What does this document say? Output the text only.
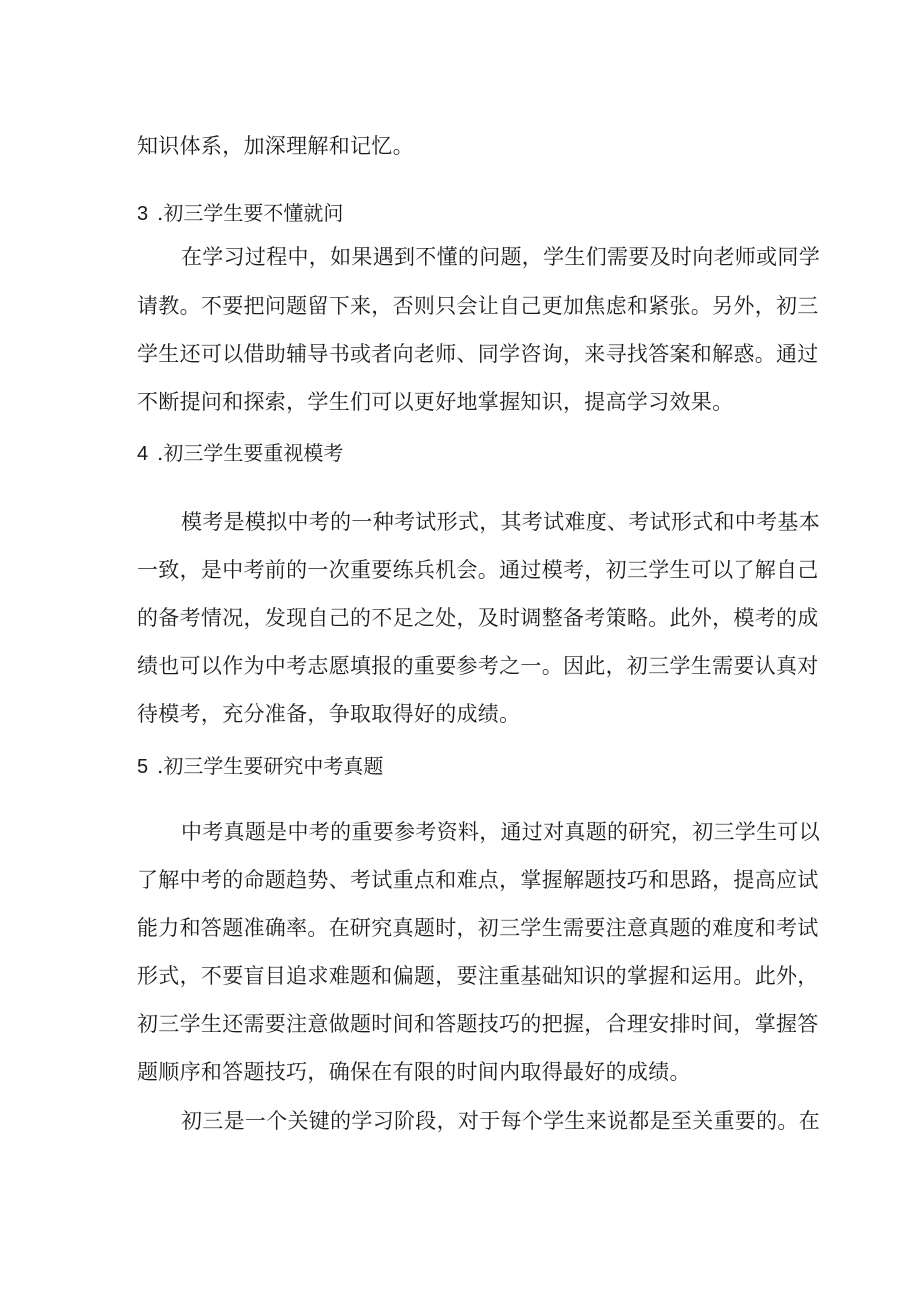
知识体系，加深理解和记忆。
3 .初三学生要不懂就问
在学习过程中，如果遇到不懂的问题，学生们需要及时向老师或同学
请教。不要把问题留下来，否则只会让自己更加焦虑和紧张。另外，初三
学生还可以借助辅导书或者向老师、同学咨询，来寻找答案和解惑。通过
不断提问和探索，学生们可以更好地掌握知识，提高学习效果。
4 .初三学生要重视模考
模考是模拟中考的一种考试形式，其考试难度、考试形式和中考基本
一致，是中考前的一次重要练兵机会。通过模考，初三学生可以了解自己
的备考情况，发现自己的不足之处，及时调整备考策略。此外，模考的成
绩也可以作为中考志愿填报的重要参考之一。因此，初三学生需要认真对
待模考，充分准备，争取取得好的成绩。
5 .初三学生要研究中考真题
中考真题是中考的重要参考资料，通过对真题的研究，初三学生可以
了解中考的命题趋势、考试重点和难点，掌握解题技巧和思路，提高应试
能力和答题准确率。在研究真题时，初三学生需要注意真题的难度和考试
形式，不要盲目追求难题和偏题，要注重基础知识的掌握和运用。此外，
初三学生还需要注意做题时间和答题技巧的把握，合理安排时间，掌握答
题顺序和答题技巧，确保在有限的时间内取得最好的成绩。
初三是一个关键的学习阶段，对于每个学生来说都是至关重要的。在
